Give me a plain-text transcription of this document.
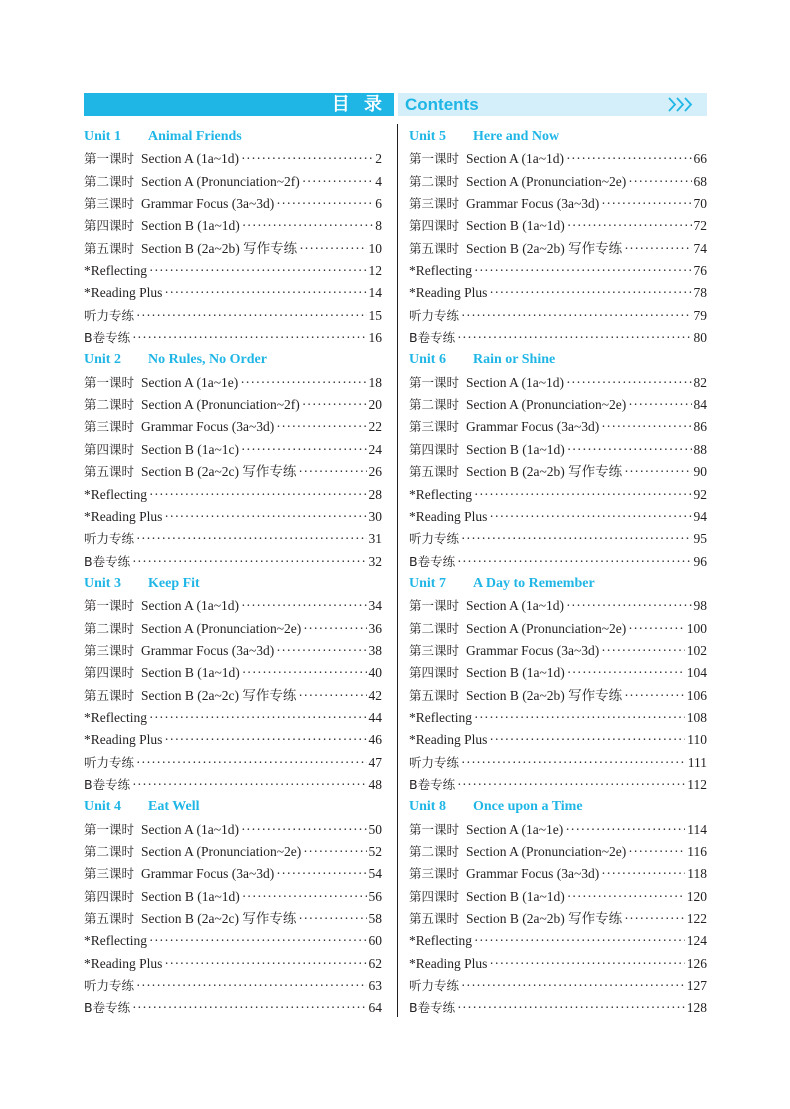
目 录 Contents
Unit 1 Animal Friends
第一课时 Section A (1a~1d) ·····	2
第二课时 Section A (Pronunciation~2f) ·····	4
第三课时 Grammar Focus (3a~3d) ·····	6
第四课时 Section B (1a~1d) ·····	8
第五课时 Section B (2a~2b) 写作专练 ·····	10
*Reflecting ·····	12
*Reading Plus ·····	14
听力专练 ·····	15
B卷专练 ·····	16
Unit 2 No Rules, No Order
第一课时 Section A (1a~1e) ·····	18
第二课时 Section A (Pronunciation~2f) ·····	20
第三课时 Grammar Focus (3a~3d) ·····	22
第四课时 Section B (1a~1c) ·····	24
第五课时 Section B (2a~2c) 写作专练 ·····	26
*Reflecting ·····	28
*Reading Plus ·····	30
听力专练 ·····	31
B卷专练 ·····	32
Unit 3 Keep Fit
第一课时 Section A (1a~1d) ·····	34
第二课时 Section A (Pronunciation~2e) ·····	36
第三课时 Grammar Focus (3a~3d) ·····	38
第四课时 Section B (1a~1d) ·····	40
第五课时 Section B (2a~2c) 写作专练 ·····	42
*Reflecting ·····	44
*Reading Plus ·····	46
听力专练 ·····	47
B卷专练 ·····	48
Unit 4 Eat Well
第一课时 Section A (1a~1d) ·····	50
第二课时 Section A (Pronunciation~2e) ·····	52
第三课时 Grammar Focus (3a~3d) ·····	54
第四课时 Section B (1a~1d) ·····	56
第五课时 Section B (2a~2c) 写作专练 ·····	58
*Reflecting ·····	60
*Reading Plus ·····	62
听力专练 ·····	63
B卷专练 ·····	64
Unit 5 Here and Now
第一课时 Section A (1a~1d) ·····	66
第二课时 Section A (Pronunciation~2e) ·····	68
第三课时 Grammar Focus (3a~3d) ·····	70
第四课时 Section B (1a~1d) ·····	72
第五课时 Section B (2a~2b) 写作专练 ·····	74
*Reflecting ·····	76
*Reading Plus ·····	78
听力专练 ·····	79
B卷专练 ·····	80
Unit 6 Rain or Shine
第一课时 Section A (1a~1d) ·····	82
第二课时 Section A (Pronunciation~2e) ·····	84
第三课时 Grammar Focus (3a~3d) ·····	86
第四课时 Section B (1a~1d) ·····	88
第五课时 Section B (2a~2b) 写作专练 ·····	90
*Reflecting ·····	92
*Reading Plus ·····	94
听力专练 ·····	95
B卷专练 ·····	96
Unit 7 A Day to Remember
第一课时 Section A (1a~1d) ·····	98
第二课时 Section A (Pronunciation~2e) ·····	100
第三课时 Grammar Focus (3a~3d) ·····	102
第四课时 Section B (1a~1d) ·····	104
第五课时 Section B (2a~2b) 写作专练 ·····	106
*Reflecting ·····	108
*Reading Plus ·····	110
听力专练 ·····	111
B卷专练 ·····	112
Unit 8 Once upon a Time
第一课时 Section A (1a~1e) ·····	114
第二课时 Section A (Pronunciation~2e) ·····	116
第三课时 Grammar Focus (3a~3d) ·····	118
第四课时 Section B (1a~1d) ·····	120
第五课时 Section B (2a~2b) 写作专练 ·····	122
*Reflecting ·····	124
*Reading Plus ·····	126
听力专练 ·····	127
B卷专练 ·····	128
